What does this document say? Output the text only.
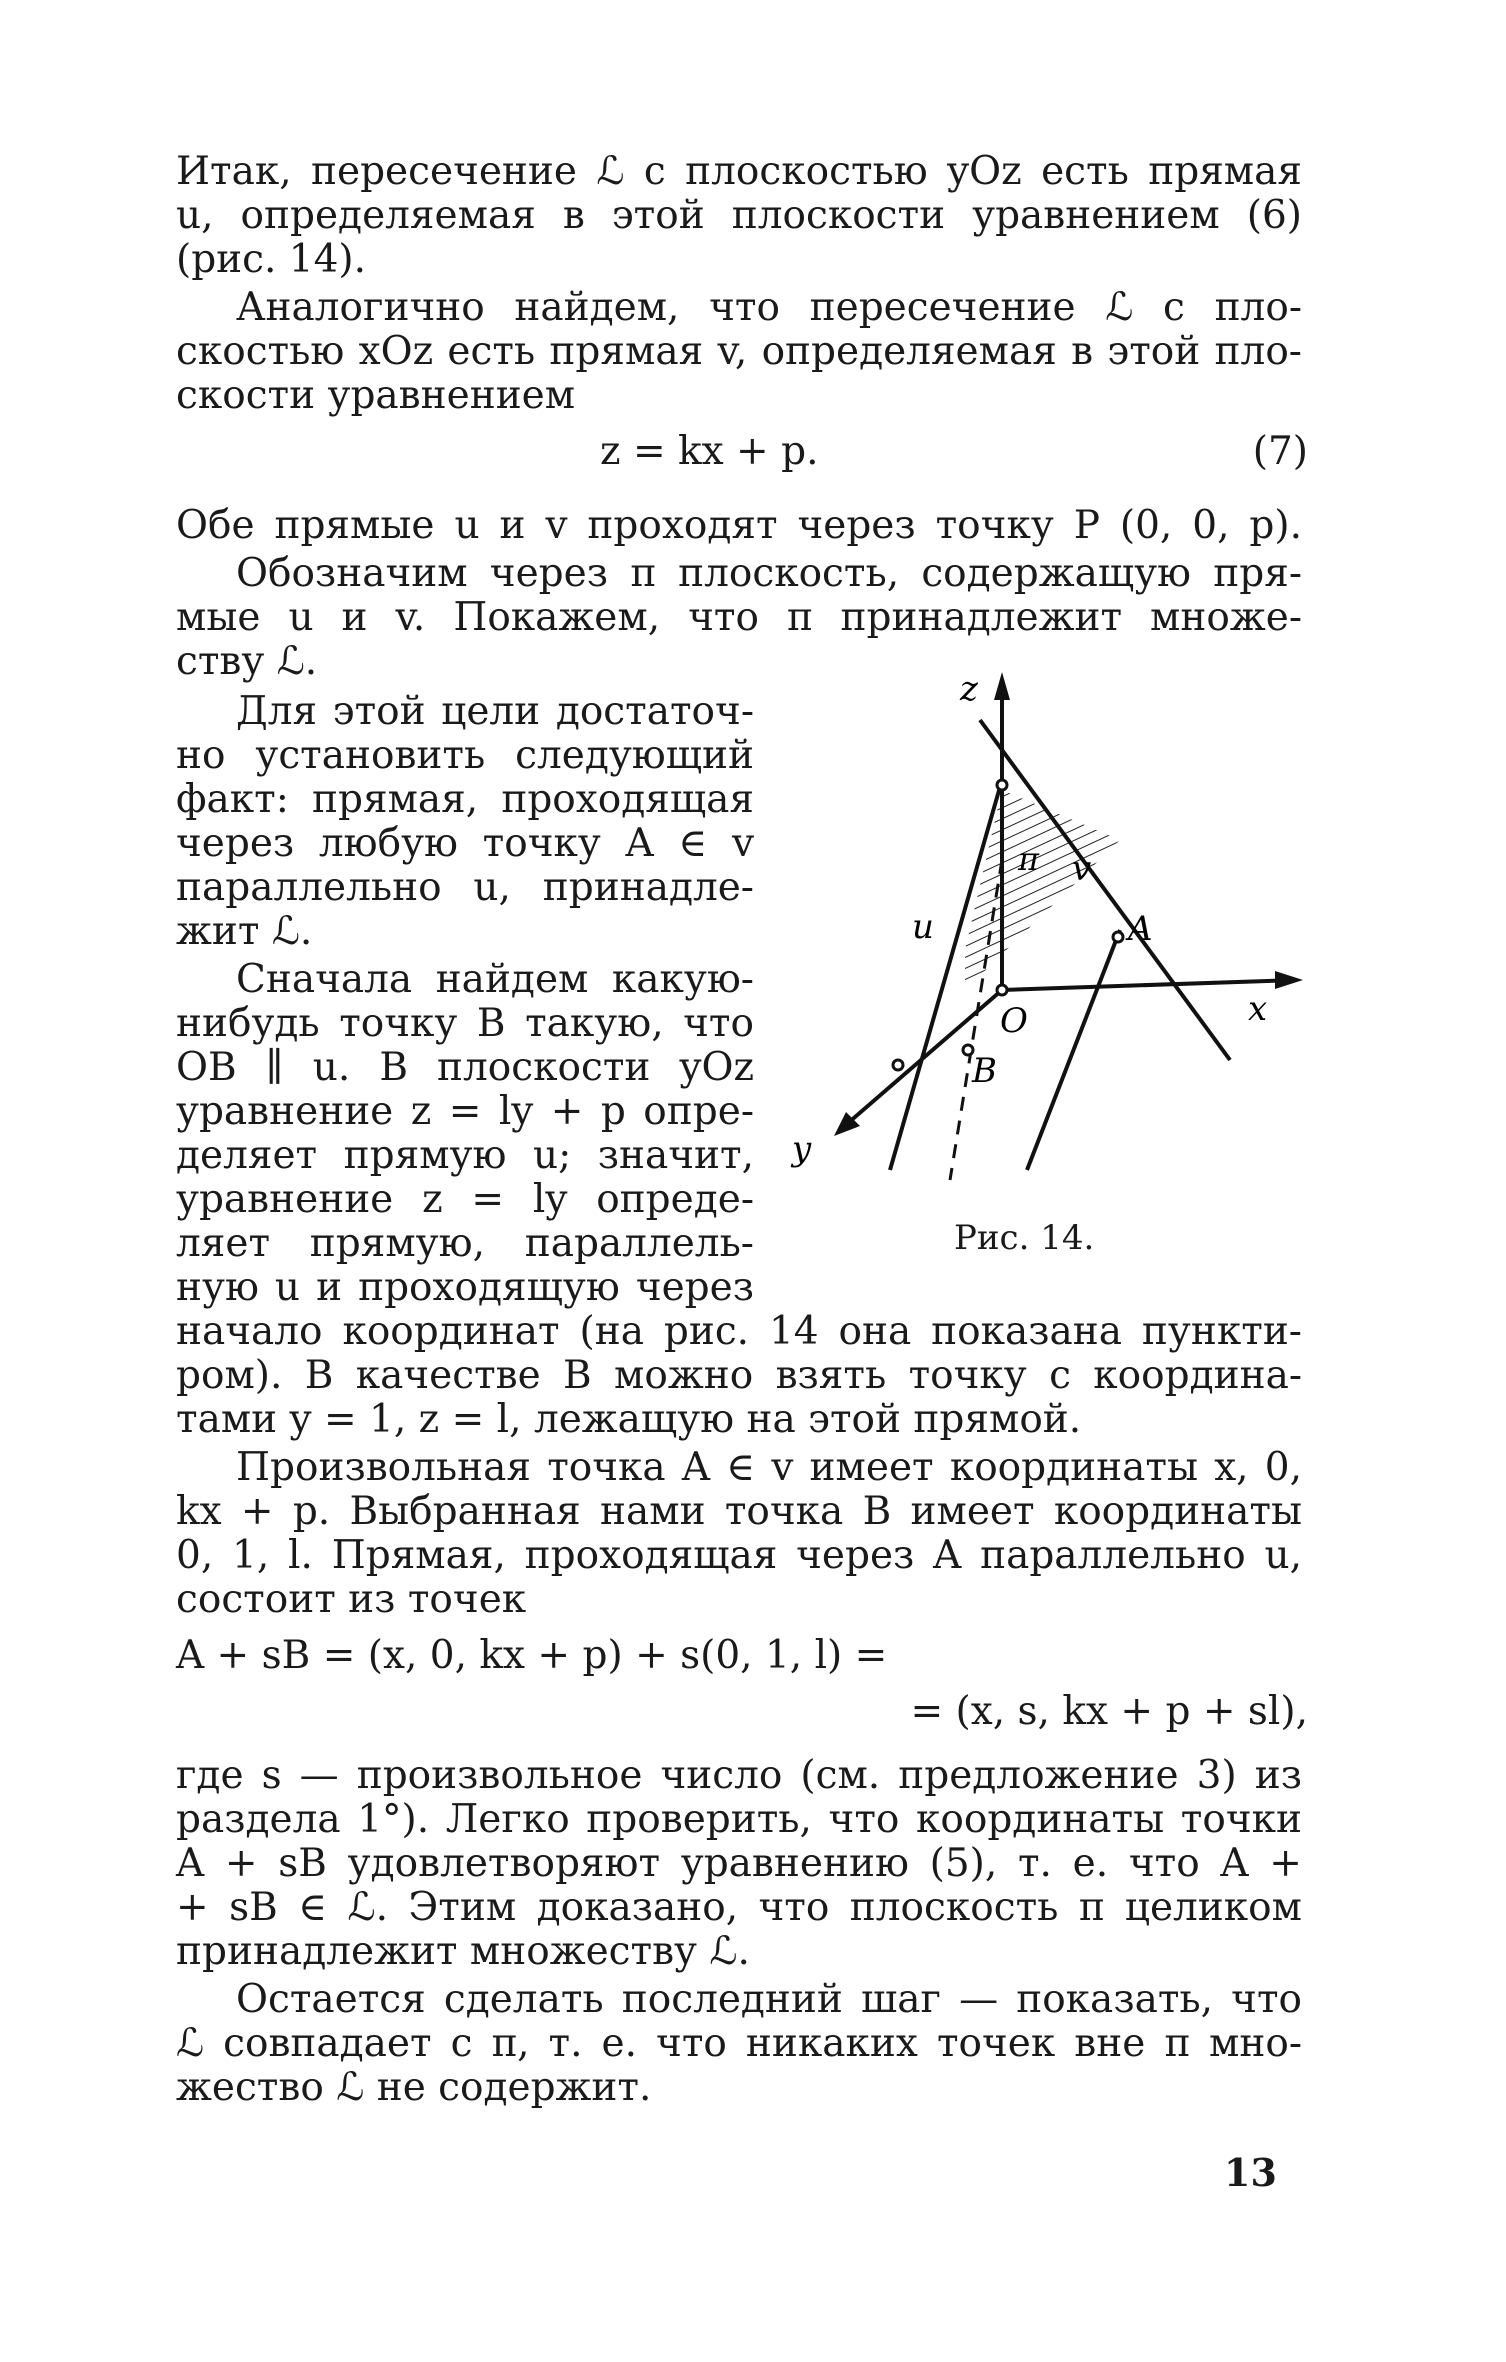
Итак, пересечение ℒ с плоскостью yOz есть прямая
u, определяемая в этой плоскости уравнением (6)
(рис. 14).
Аналогично найдем, что пересечение ℒ с пло-
скостью xOz есть прямая v, определяемая в этой пло-
скости уравнением
z = kx + p.	(7)
Обе прямые u и v проходят через точку P (0, 0, p).
Обозначим через π плоскость, содержащую пря-
мые u и v. Покажем, что π принадлежит множе-
ству ℒ.
Для этой цели достаточ-
но установить следующий
факт: прямая, проходящая
через любую точку A ∈ v
параллельно u, принадле-
жит ℒ.
Сначала найдем какую-
нибудь точку B такую, что
OB ∥ u. В плоскости yOz
уравнение z = ly + p опре-
деляет прямую u; значит,
уравнение z = ly опреде-
ляет прямую, параллель-
ную u и проходящую через
z
x
y
O
A
B
u
v
π
Рис. 14.
начало координат (на рис. 14 она показана пункти-
ром). В качестве B можно взять точку с координа-
тами y = 1, z = l, лежащую на этой прямой.
Произвольная точка A ∈ v имеет координаты x, 0,
kx + p. Выбранная нами точка B имеет координаты
0, 1, l. Прямая, проходящая через A параллельно u,
состоит из точек
A + sB = (x, 0, kx + p) + s(0, 1, l) =
= (x, s, kx + p + sl),
где s — произвольное число (см. предложение 3) из
раздела 1°). Легко проверить, что координаты точки
A + sB удовлетворяют уравнению (5), т. е. что A +
+ sB ∈ ℒ. Этим доказано, что плоскость π целиком
принадлежит множеству ℒ.
Остается сделать последний шаг — показать, что
ℒ совпадает с π, т. е. что никаких точек вне π мно-
жество ℒ не содержит.
13
